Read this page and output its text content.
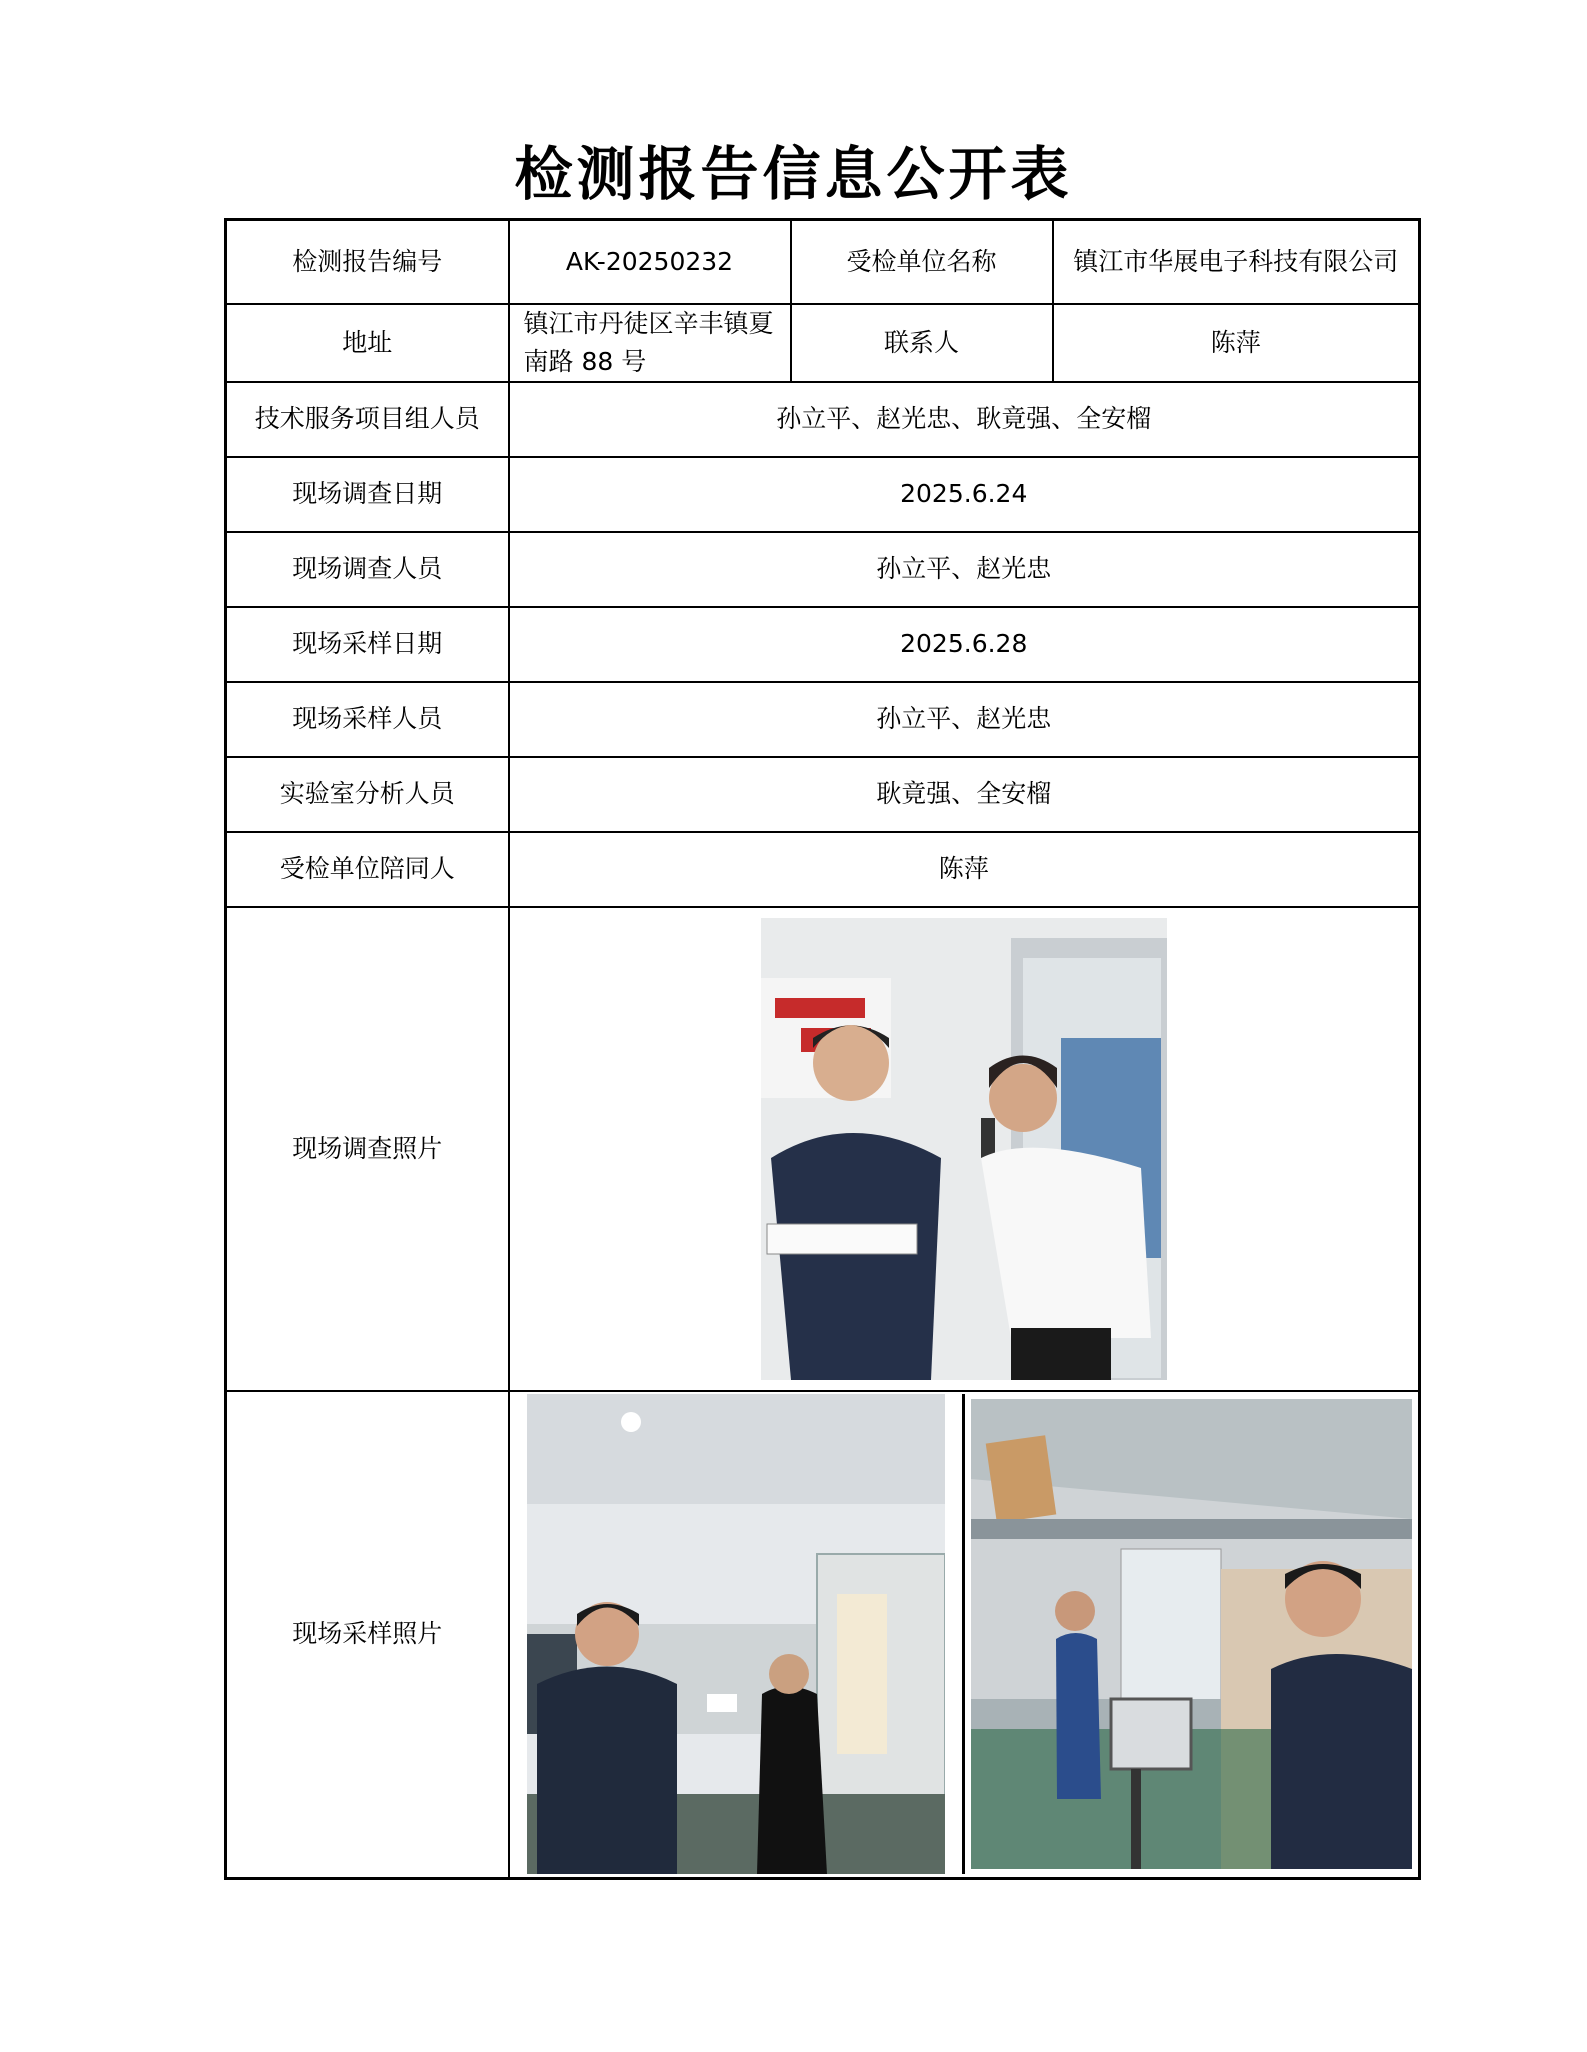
检测报告信息公开表
检测报告编号	AK-20250232	受检单位名称	镇江市华展电子科技有限公司
地址	镇江市丹徒区辛丰镇夏南路 88 号	联系人	陈萍
技术服务项目组人员	孙立平、赵光忠、耿竟强、全安榴		
现场调查日期	2025.6.24		
现场调查人员	孙立平、赵光忠		
现场采样日期	2025.6.28		
现场采样人员	孙立平、赵光忠		
实验室分析人员	耿竟强、全安榴		
受检单位陪同人	陈萍		
现场调查照片	

现场采样照片	
